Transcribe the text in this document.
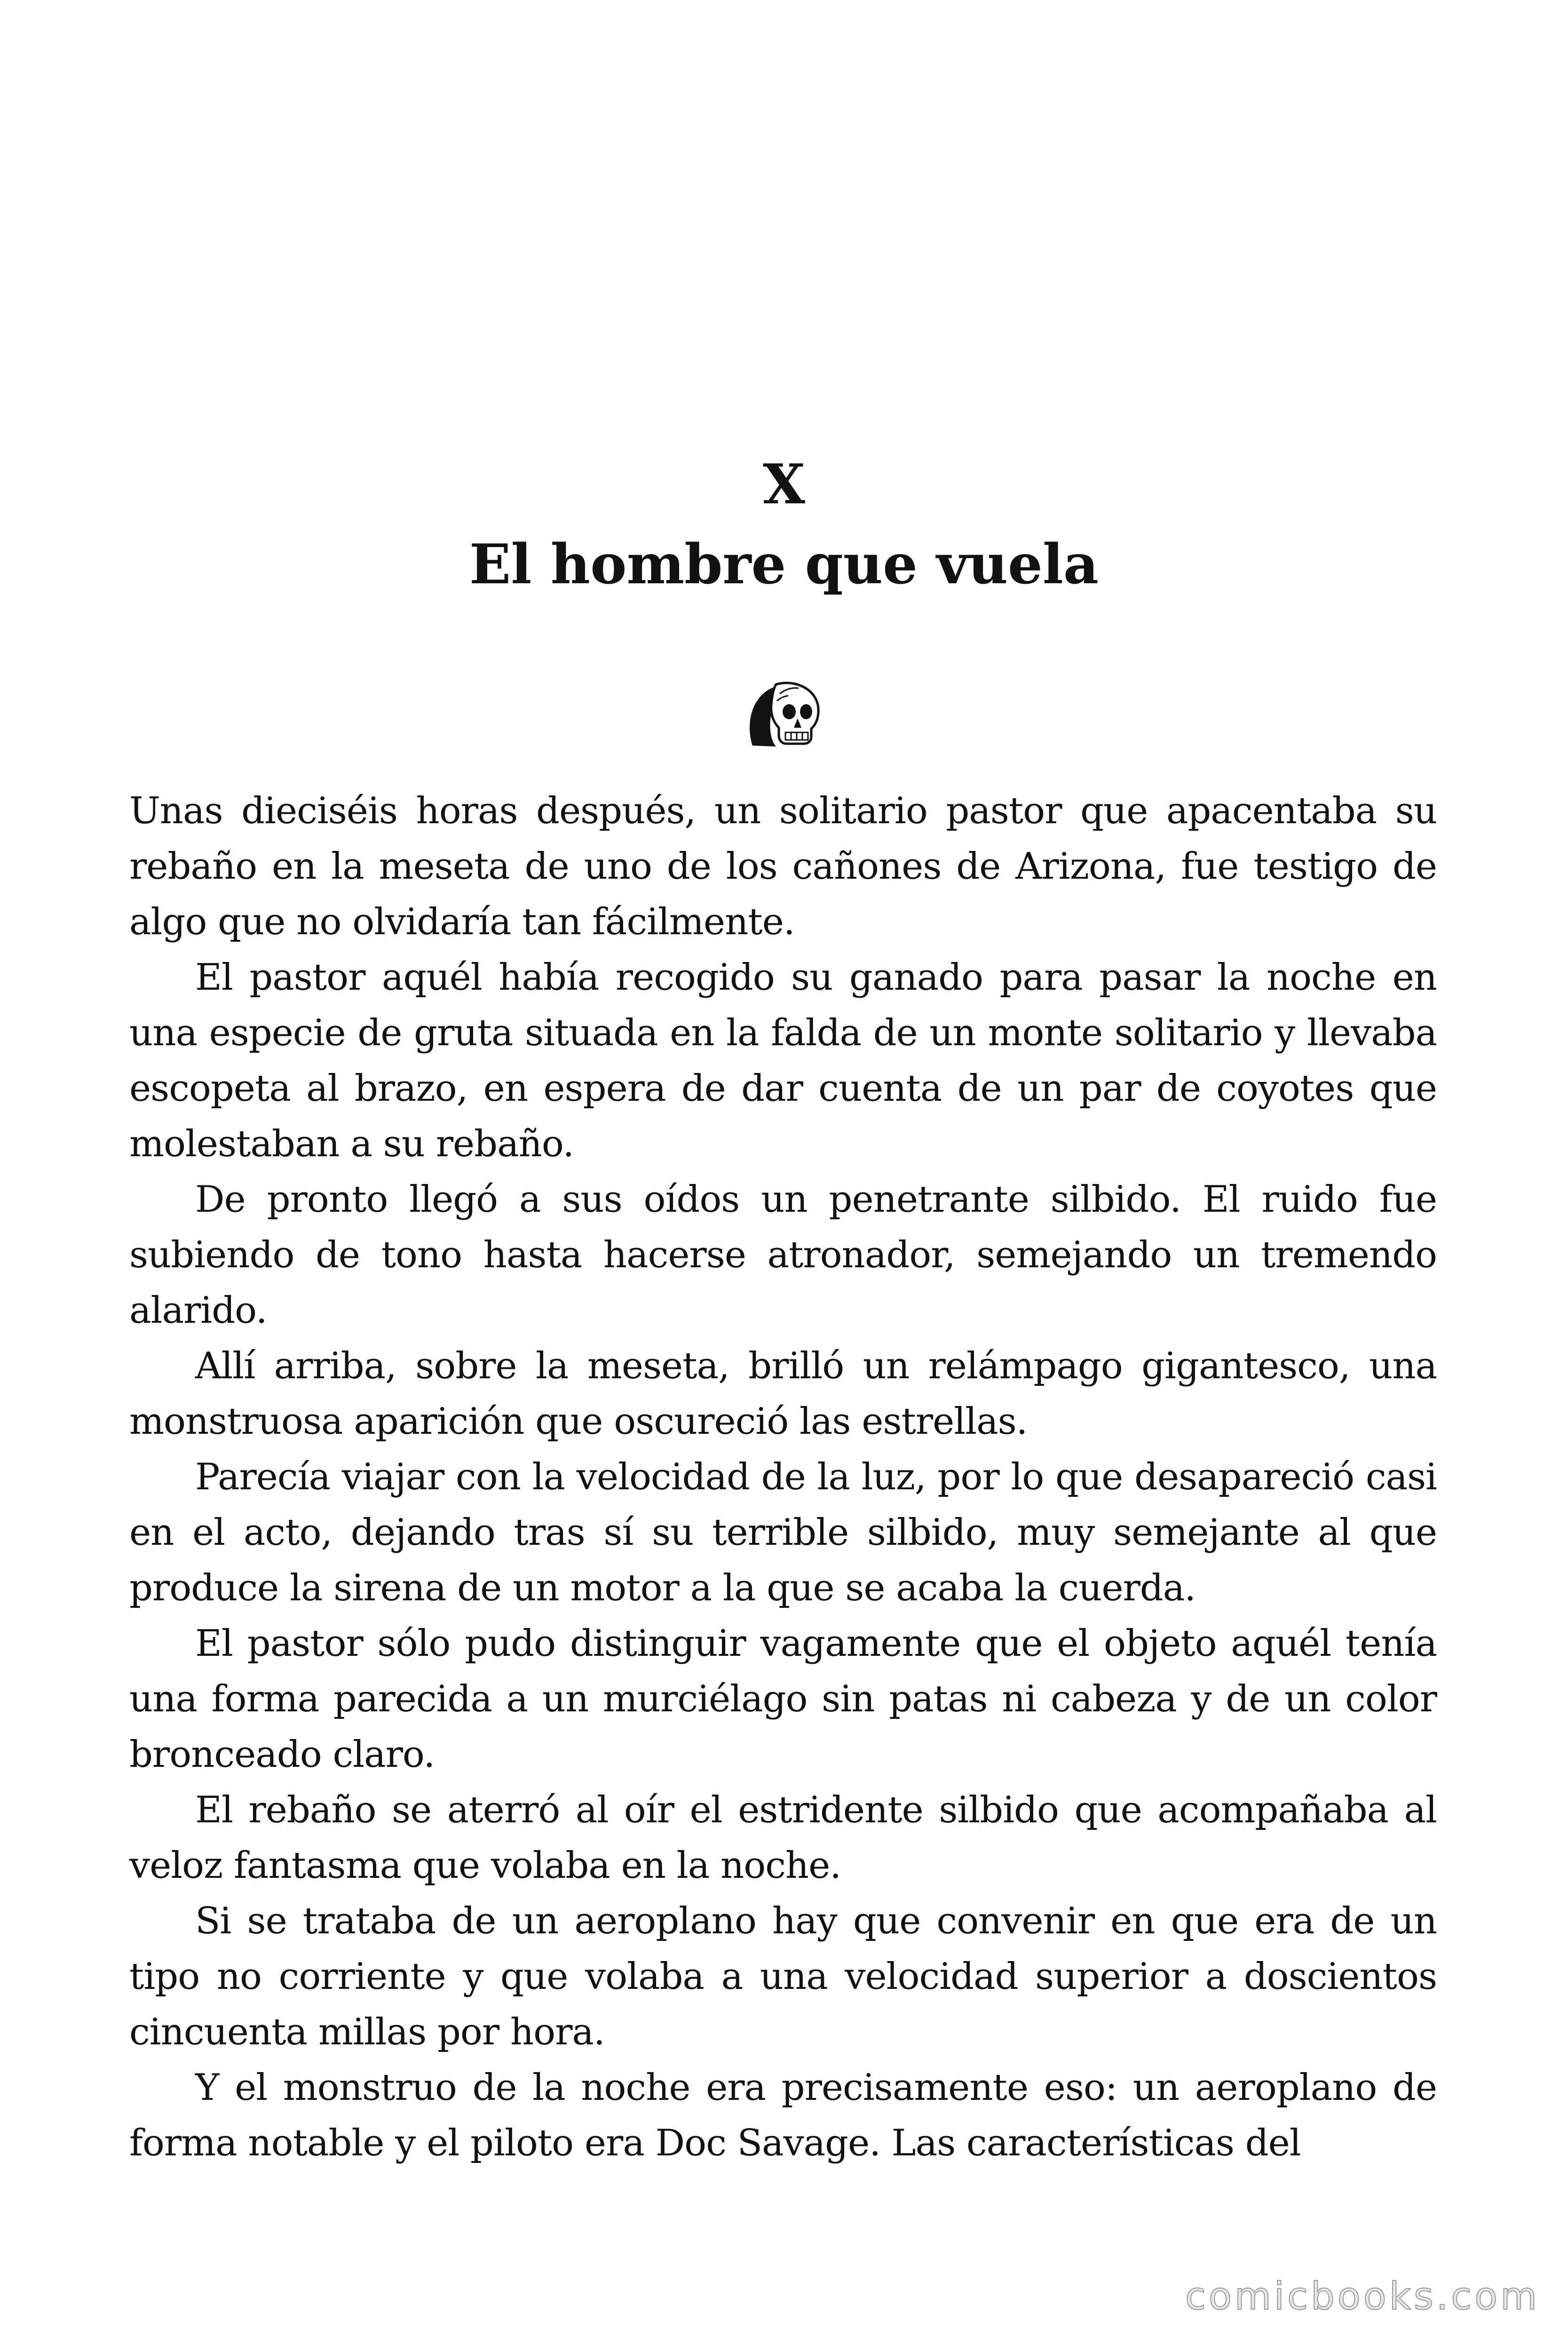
X
El hombre que vuela

Unas dieciséis horas después, un solitario pastor que apacentaba su rebaño en la meseta de uno de los cañones de Arizona, fue testigo de algo que no olvidaría tan fácilmente.

El pastor aquél había recogido su ganado para pasar la noche en una especie de gruta situada en la falda de un monte solitario y llevaba escopeta al brazo, en espera de dar cuenta de un par de coyotes que molestaban a su rebaño.

De pronto llegó a sus oídos un penetrante silbido. El ruido fue subiendo de tono hasta hacerse atronador, semejando un tremendo alarido.

Allí arriba, sobre la meseta, brilló un relámpago gigantesco, una monstruosa aparición que oscureció las estrellas.

Parecía viajar con la velocidad de la luz, por lo que desapareció casi en el acto, dejando tras sí su terrible silbido, muy semejante al que produce la sirena de un motor a la que se acaba la cuerda.

El pastor sólo pudo distinguir vagamente que el objeto aquél tenía una forma parecida a un murciélago sin patas ni cabeza y de un color bronceado claro.

El rebaño se aterró al oír el estridente silbido que acompañaba al veloz fantasma que volaba en la noche.

Si se trataba de un aeroplano hay que convenir en que era de un tipo no corriente y que volaba a una velocidad superior a doscientos cincuenta millas por hora.

Y el monstruo de la noche era precisamente eso: un aeroplano de forma notable y el piloto era Doc Savage. Las características del

comicbooks.com
